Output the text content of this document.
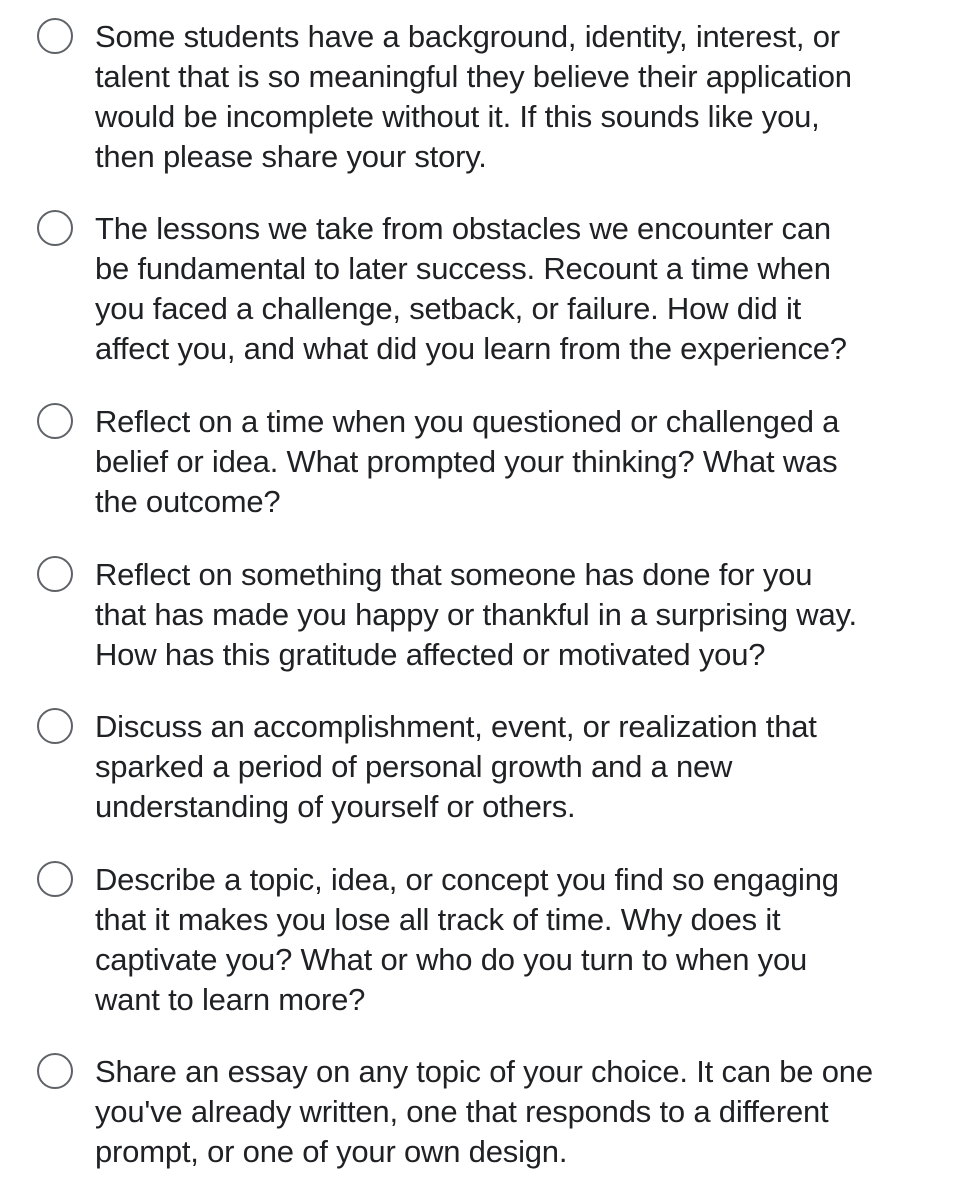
Some students have a background, identity, interest, or
talent that is so meaningful they believe their application
would be incomplete without it. If this sounds like you,
then please share your story.
The lessons we take from obstacles we encounter can
be fundamental to later success. Recount a time when
you faced a challenge, setback, or failure. How did it
affect you, and what did you learn from the experience?
Reflect on a time when you questioned or challenged a
belief or idea. What prompted your thinking? What was
the outcome?
Reflect on something that someone has done for you
that has made you happy or thankful in a surprising way.
How has this gratitude affected or motivated you?
Discuss an accomplishment, event, or realization that
sparked a period of personal growth and a new
understanding of yourself or others.
Describe a topic, idea, or concept you find so engaging
that it makes you lose all track of time. Why does it
captivate you? What or who do you turn to when you
want to learn more?
Share an essay on any topic of your choice. It can be one
you've already written, one that responds to a different
prompt, or one of your own design.
